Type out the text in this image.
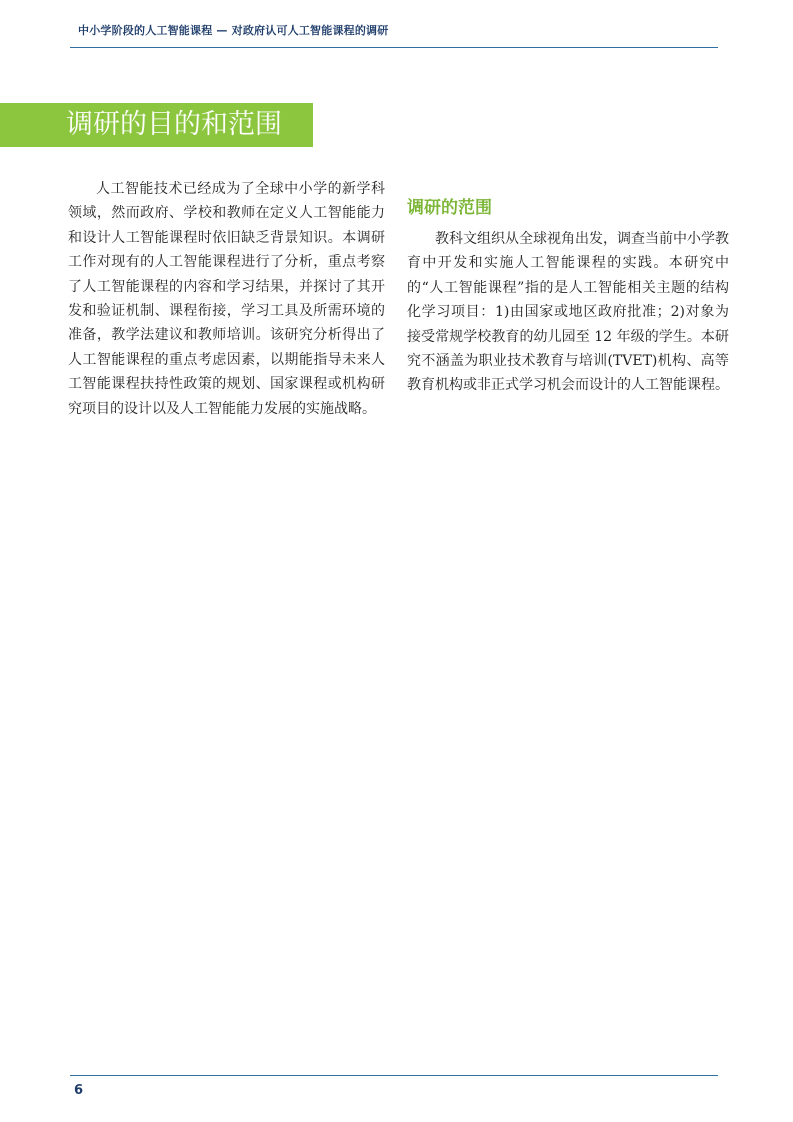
中小学阶段的人工智能课程 — 对政府认可人工智能课程的调研
调研的目的和范围

人工智能技术已经成为了全球中小学的新学科领域，然而政府、学校和教师在定义人工智能能力和设计人工智能课程时依旧缺乏背景知识。本调研工作对现有的人工智能课程进行了分析，重点考察了人工智能课程的内容和学习结果，并探讨了其开发和验证机制、课程衔接，学习工具及所需环境的准备，教学法建议和教师培训。该研究分析得出了人工智能课程的重点考虑因素，以期能指导未来人工智能课程扶持性政策的规划、国家课程或机构研究项目的设计以及人工智能能力发展的实施战略。

调研的范围

教科文组织从全球视角出发，调查当前中小学教育中开发和实施人工智能课程的实践。本研究中的“人工智能课程”指的是人工智能相关主题的结构化学习项目：1)由国家或地区政府批准；2)对象为接受常规学校教育的幼儿园至 12 年级的学生。本研究不涵盖为职业技术教育与培训(TVET)机构、高等教育机构或非正式学习机会而设计的人工智能课程。

6
